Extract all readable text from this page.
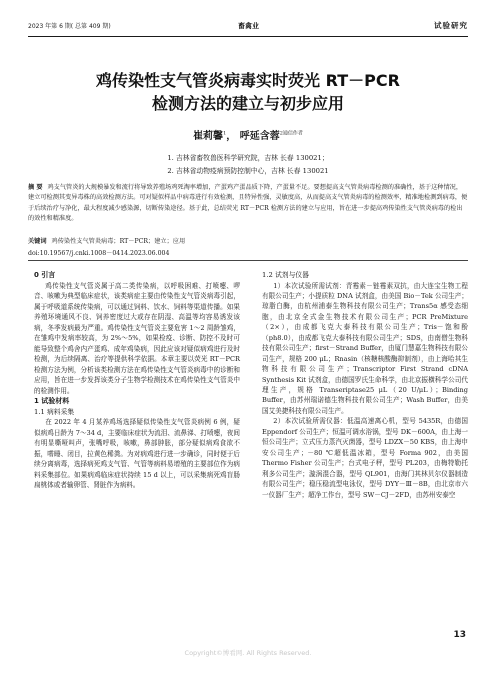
2023 年第 6 期( 总第 409 期)	畜禽业	试验研究
鸡传染性支气管炎病毒实时荧光 RT－PCR
检测方法的建立与初步应用
崔莉馨$^1$， 呼延含蓉$^{2通信作者}$
1. 吉林省畜牧兽医科学研究院，吉林 长春 130021；
2. 吉林省动物疫病预防控制中心，吉林 长春 130021
摘 要 鸡支气管炎的大规模暴发和流行将导致养殖场鸡死淘率增加，产蛋鸡产蛋品质下降，产蛋量不足。要想提高支气管炎病毒检测的准确性，基于这种情况，建立可检测其变异毒株的高效检测方法。可对疑似样品中病毒进行有效检测，且特异性强，灵敏度高，从而提高支气管炎病毒的检测效率，精准地检测到病毒，便于后续治疗与净化，最大程度减少感染源，切断传染途径。基于此，总结荧光 RT－PCR 检测方法的建立与应用，旨在进一步提高鸡传染性支气管炎病毒的检出的效性和精准度。
关键词 鸡传染性支气管炎病毒；RT－PCR；建立；应用
doi:10.19567/j.cnki.1008－0414.2023.06.004
0 引言

鸡传染性支气管炎属于高二类传染病，以呼吸困难、打喷嚏、啰音、咳嗽为典型临床症状，该类病症主要由传染性支气管炎病毒引起，属于呼吸道系统传染病，可以通过饲料、饮水、饲料等渠道传播。如果养殖环境通风不良、饲养密度过大或存在阴湿、高温等均容易诱发该病，冬季发病最为严重。鸡传染性支气管炎主要危害 1～2 周龄雏鸡，在雏鸡中发病率较高，为 2%～5%，如果检疫、诊断、防控不及时可能导致整个鸡舍内产蛋鸡、成年鸡染病，因此应该对疑似病鸡进行及时检测，为后续隔离、治疗等提供科学依据。本章主要以荧光 RT－PCR 检测方法为例，分析该类检测方法在鸡传染性支气管炎病毒中的诊断和应用，旨在进一步发挥该类分子生物学检测技术在鸡传染性支气管炎中的检测作用。

1 试验材料
1.1 病料采集

在 2022 年 4 月某养鸡场选择疑似传染性支气管炎病例 6 例，疑似病鸡日龄为 7～34 d，主要临床症状为流泪、流鼻涕、打喷嚏，夜间有明显嘶哑叫声，张嘴呼吸，咳嗽，鼻部肿胀，部分疑似病鸡食欲不振，嗜睡、闭目，拉黄色稀粪。为对病鸡进行进一步确诊，同时便于后续分离病毒，选择病死鸡支气管、气管等病料易增殖的主要部位作为病料采集部位。如果病鸡临床症状持续 15 d 以上，可以采集病死鸡盲肠扁桃体或者输卵管、肾脏作为病料。

1.2 试剂与仪器

1）本次试验所需试剂：青霉素－链霉素双抗，由大连宝生物工程有限公司生产；小提质粒 DNA 试剂盒，由美国 Bio－Tek 公司生产；琼脂白酶，由杭州浦泰生物科技有限公司生产；Trans5α 感受态细胞，由北京全式金生物技术有限公司生产；PCR PreMixture（2×），由成都飞克大泰科技有限公司生产；Tris－饱和酚（ph8.0），由成都飞克大泰科技有限公司生产；SDS，由南僧生物科技有限公司生产；first－Strand Buffer，由厦门慧嘉生物科技有限公司生产，规格 200 μL；Rnasin（核糖核酸酶抑制剂），由上海哈其生物科技有限公司生产；Transcriptor First Strand cDNA Synthesis Kit 试剂盒，由德国罗氏生命科学，由北京振横科学公司代理生产，规格 Transeriptase25 μL（20 U/μL）；Binding Buffer，由苏州瑞诺德生物科技有限公司生产；Wash Buffer，由美国艾美捷科技有限公司生产。

2）本次试验所需仪器：低温高速离心机，型号 5435R，由德国 Eppendorf 公司生产；恒温可调水浴锅，型号 DK－600A，由上海一恒公司生产；立式压力蒸汽灭菌器，型号 LDZX－50 KBS，由上海申安公司生产；－80 ℃超低温冰箱，型号 Forma 902，由美国 Thermo Fisher 公司生产；台式电子秤，型号 PL203，由梅特勒托利多公司生产；漩涡混合器，型号 QL901，由海门其林贝尔仪器制造有限公司生产；稳压稳流型电泳仪，型号 DYY－Ⅲ－8B，由北京市六一仪器厂生产；超净工作台，型号 SW－CJ－2FD，由苏州安泰空

13
Copyright©博看网. All Rights Reserved.
